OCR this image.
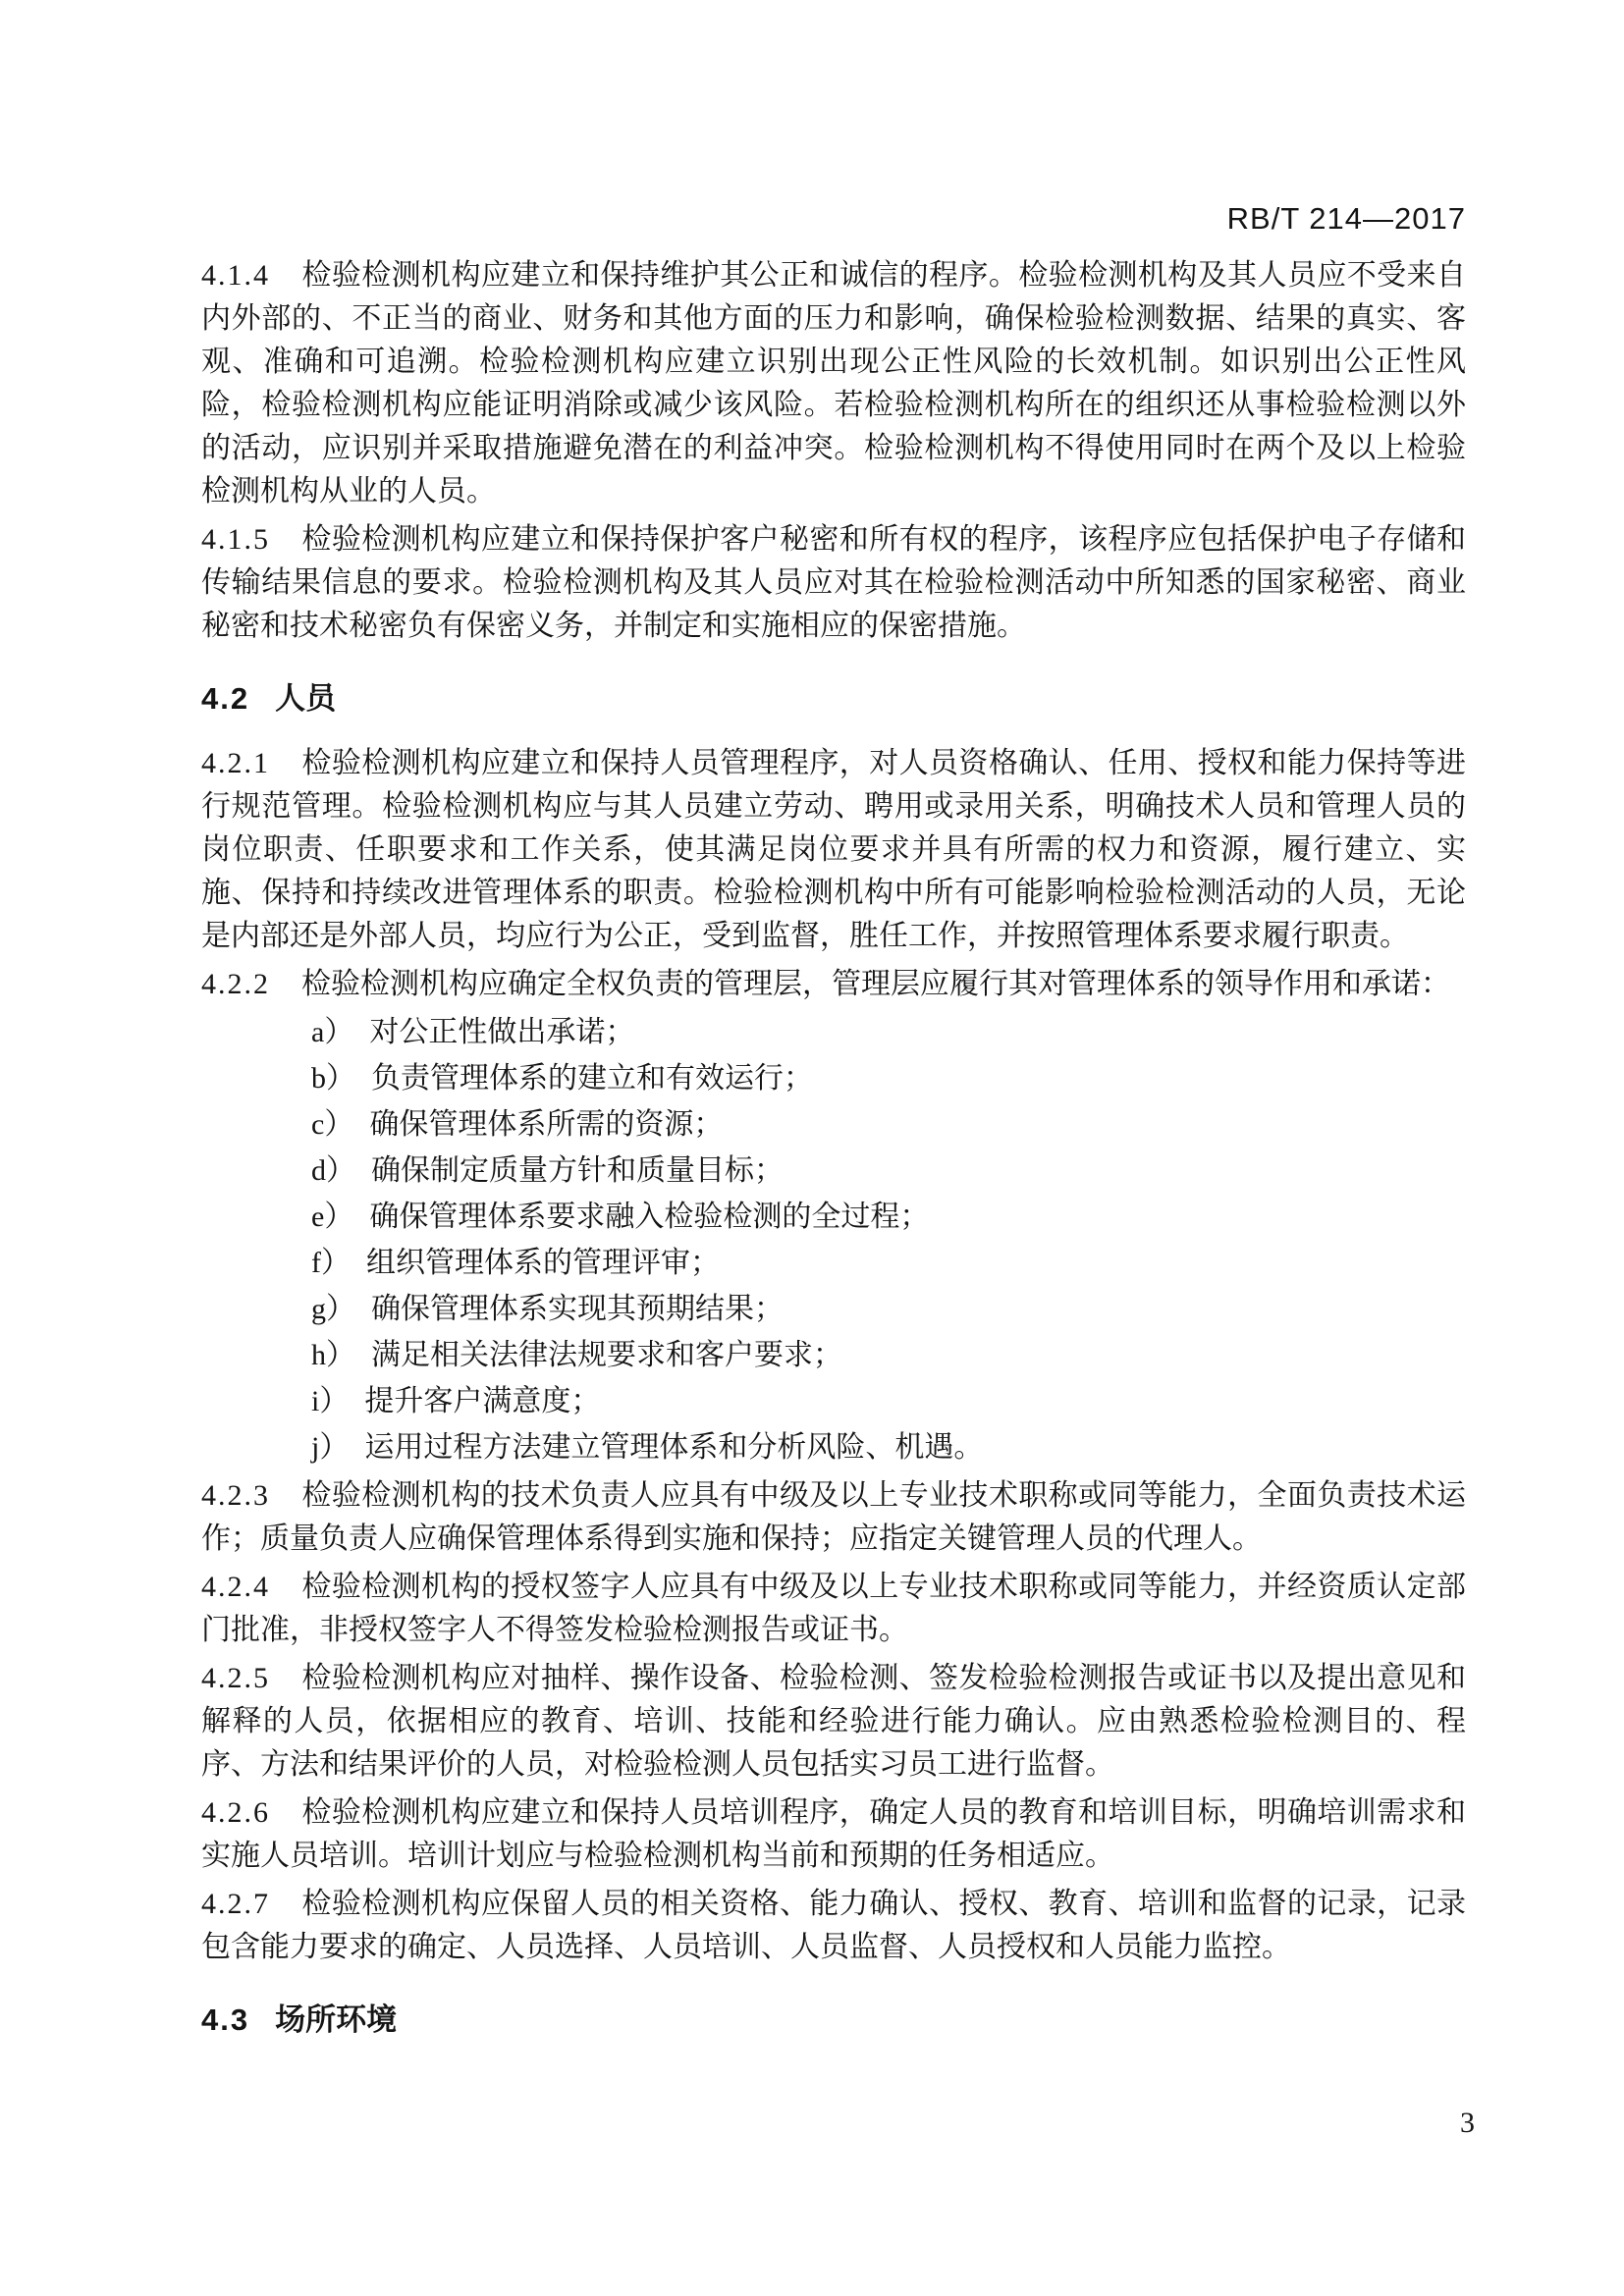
RB/T 214—2017

4.1.4 检验检测机构应建立和保持维护其公正和诚信的程序。检验检测机构及其人员应不受来自内外部的、不正当的商业、财务和其他方面的压力和影响，确保检验检测数据、结果的真实、客观、准确和可追溯。检验检测机构应建立识别出现公正性风险的长效机制。如识别出公正性风险，检验检测机构应能证明消除或减少该风险。若检验检测机构所在的组织还从事检验检测以外的活动，应识别并采取措施避免潜在的利益冲突。检验检测机构不得使用同时在两个及以上检验检测机构从业的人员。

4.1.5 检验检测机构应建立和保持保护客户秘密和所有权的程序，该程序应包括保护电子存储和传输结果信息的要求。检验检测机构及其人员应对其在检验检测活动中所知悉的国家秘密、商业秘密和技术秘密负有保密义务，并制定和实施相应的保密措施。

4.2 人员

4.2.1 检验检测机构应建立和保持人员管理程序，对人员资格确认、任用、授权和能力保持等进行规范管理。检验检测机构应与其人员建立劳动、聘用或录用关系，明确技术人员和管理人员的岗位职责、任职要求和工作关系，使其满足岗位要求并具有所需的权力和资源，履行建立、实施、保持和持续改进管理体系的职责。检验检测机构中所有可能影响检验检测活动的人员，无论是内部还是外部人员，均应行为公正，受到监督，胜任工作，并按照管理体系要求履行职责。

4.2.2 检验检测机构应确定全权负责的管理层，管理层应履行其对管理体系的领导作用和承诺：

a） 对公正性做出承诺；
b） 负责管理体系的建立和有效运行；
c） 确保管理体系所需的资源；
d） 确保制定质量方针和质量目标；
e） 确保管理体系要求融入检验检测的全过程；
f） 组织管理体系的管理评审；
g） 确保管理体系实现其预期结果；
h） 满足相关法律法规要求和客户要求；
i） 提升客户满意度；
j） 运用过程方法建立管理体系和分析风险、机遇。

4.2.3 检验检测机构的技术负责人应具有中级及以上专业技术职称或同等能力，全面负责技术运作；质量负责人应确保管理体系得到实施和保持；应指定关键管理人员的代理人。

4.2.4 检验检测机构的授权签字人应具有中级及以上专业技术职称或同等能力，并经资质认定部门批准，非授权签字人不得签发检验检测报告或证书。

4.2.5 检验检测机构应对抽样、操作设备、检验检测、签发检验检测报告或证书以及提出意见和解释的人员，依据相应的教育、培训、技能和经验进行能力确认。应由熟悉检验检测目的、程序、方法和结果评价的人员，对检验检测人员包括实习员工进行监督。

4.2.6 检验检测机构应建立和保持人员培训程序，确定人员的教育和培训目标，明确培训需求和实施人员培训。培训计划应与检验检测机构当前和预期的任务相适应。

4.2.7 检验检测机构应保留人员的相关资格、能力确认、授权、教育、培训和监督的记录，记录包含能力要求的确定、人员选择、人员培训、人员监督、人员授权和人员能力监控。

4.3 场所环境
3
